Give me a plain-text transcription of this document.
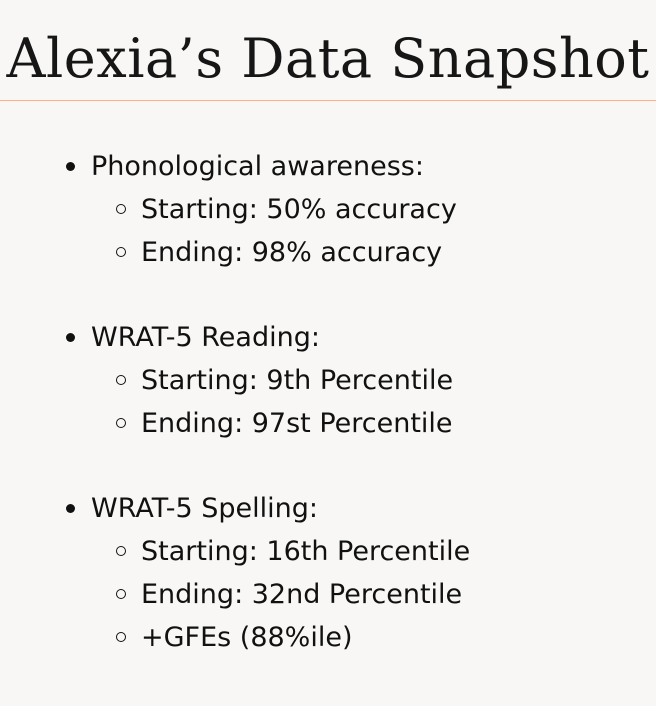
Alexia’s Data Snapshot
Phonological awareness:
Starting: 50% accuracy
Ending: 98% accuracy
WRAT-5 Reading:
Starting: 9th Percentile
Ending: 97st Percentile
WRAT-5 Spelling:
Starting: 16th Percentile
Ending: 32nd Percentile
+GFEs (88%ile)
